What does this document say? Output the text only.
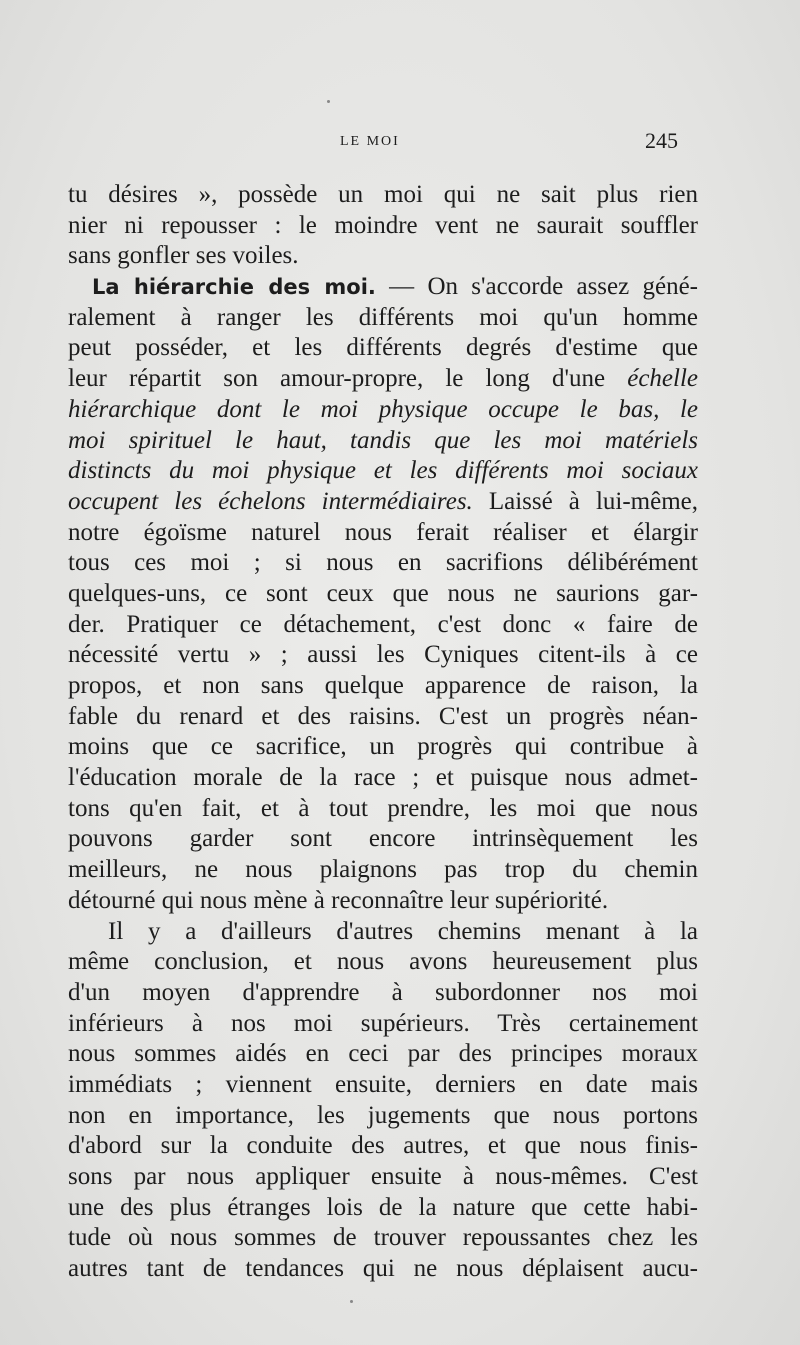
LE MOI	245
tu désires », possède un moi qui ne sait plus rien
nier ni repousser : le moindre vent ne saurait souffler
sans gonfler ses voiles.
La hiérarchie des moi. — On s'accorde assez géné-
ralement à ranger les différents moi qu'un homme
peut posséder, et les différents degrés d'estime que
leur répartit son amour-propre, le long d'une échelle
hiérarchique dont le moi physique occupe le bas, le
moi spirituel le haut, tandis que les moi matériels
distincts du moi physique et les différents moi sociaux
occupent les échelons intermédiaires. Laissé à lui-même,
notre égoïsme naturel nous ferait réaliser et élargir
tous ces moi ; si nous en sacrifions délibérément
quelques-uns, ce sont ceux que nous ne saurions gar-
der. Pratiquer ce détachement, c'est donc « faire de
nécessité vertu » ; aussi les Cyniques citent-ils à ce
propos, et non sans quelque apparence de raison, la
fable du renard et des raisins. C'est un progrès néan-
moins que ce sacrifice, un progrès qui contribue à
l'éducation morale de la race ; et puisque nous admet-
tons qu'en fait, et à tout prendre, les moi que nous
pouvons garder sont encore intrinsèquement les
meilleurs, ne nous plaignons pas trop du chemin
détourné qui nous mène à reconnaître leur supériorité.
Il y a d'ailleurs d'autres chemins menant à la
même conclusion, et nous avons heureusement plus
d'un moyen d'apprendre à subordonner nos moi
inférieurs à nos moi supérieurs. Très certainement
nous sommes aidés en ceci par des principes moraux
immédiats ; viennent ensuite, derniers en date mais
non en importance, les jugements que nous portons
d'abord sur la conduite des autres, et que nous finis-
sons par nous appliquer ensuite à nous-mêmes. C'est
une des plus étranges lois de la nature que cette habi-
tude où nous sommes de trouver repoussantes chez les
autres tant de tendances qui ne nous déplaisent aucu-
